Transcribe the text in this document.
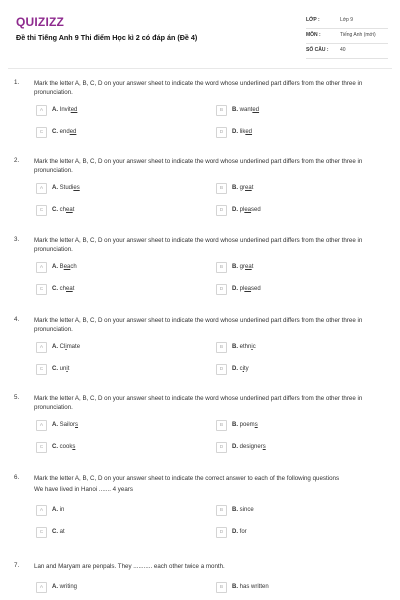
QUIZIZZ
Đề thi Tiếng Anh 9 Thi điểm Học kì 2 có đáp án (Đề 4)
LỚP :	Lớp 9
MÔN :	Tiếng Anh (mới)
SỐ CÂU : 40
1. Mark the letter A, B, C, D on your answer sheet to indicate the word whose underlined part differs from the other three in pronunciation.
A	A. Invited	B	B. wanted
C	C. ended	D	D. liked
2. Mark the letter A, B, C, D on your answer sheet to indicate the word whose underlined part differs from the other three in pronunciation.
A	A. Studies	B	B. great
C	C. cheat	D	D. pleased
3. Mark the letter A, B, C, D on your answer sheet to indicate the word whose underlined part differs from the other three in pronunciation.
A	A. Beach	B	B. great
C	C. cheat	D	D. pleased
4. Mark the letter A, B, C, D on your answer sheet to indicate the word whose underlined part differs from the other three in pronunciation.
A	A. Climate	B	B. ethnic
C	C. unit	D	D. city
5. Mark the letter A, B, C, D on your answer sheet to indicate the word whose underlined part differs from the other three in pronunciation.
A	A. Sailors	B	B. poems
C	C. cooks	D	D. designers
6. Mark the letter A, B, C, D on your answer sheet to indicate the correct answer to each of the following questions
We have lived in Hanoi ....... 4 years
A	A. in	B	B. since
C	C. at	D	D. for
7. Lan and Maryam are penpals. They ........... each other twice a month.
A	A. writing	B	B. has written
